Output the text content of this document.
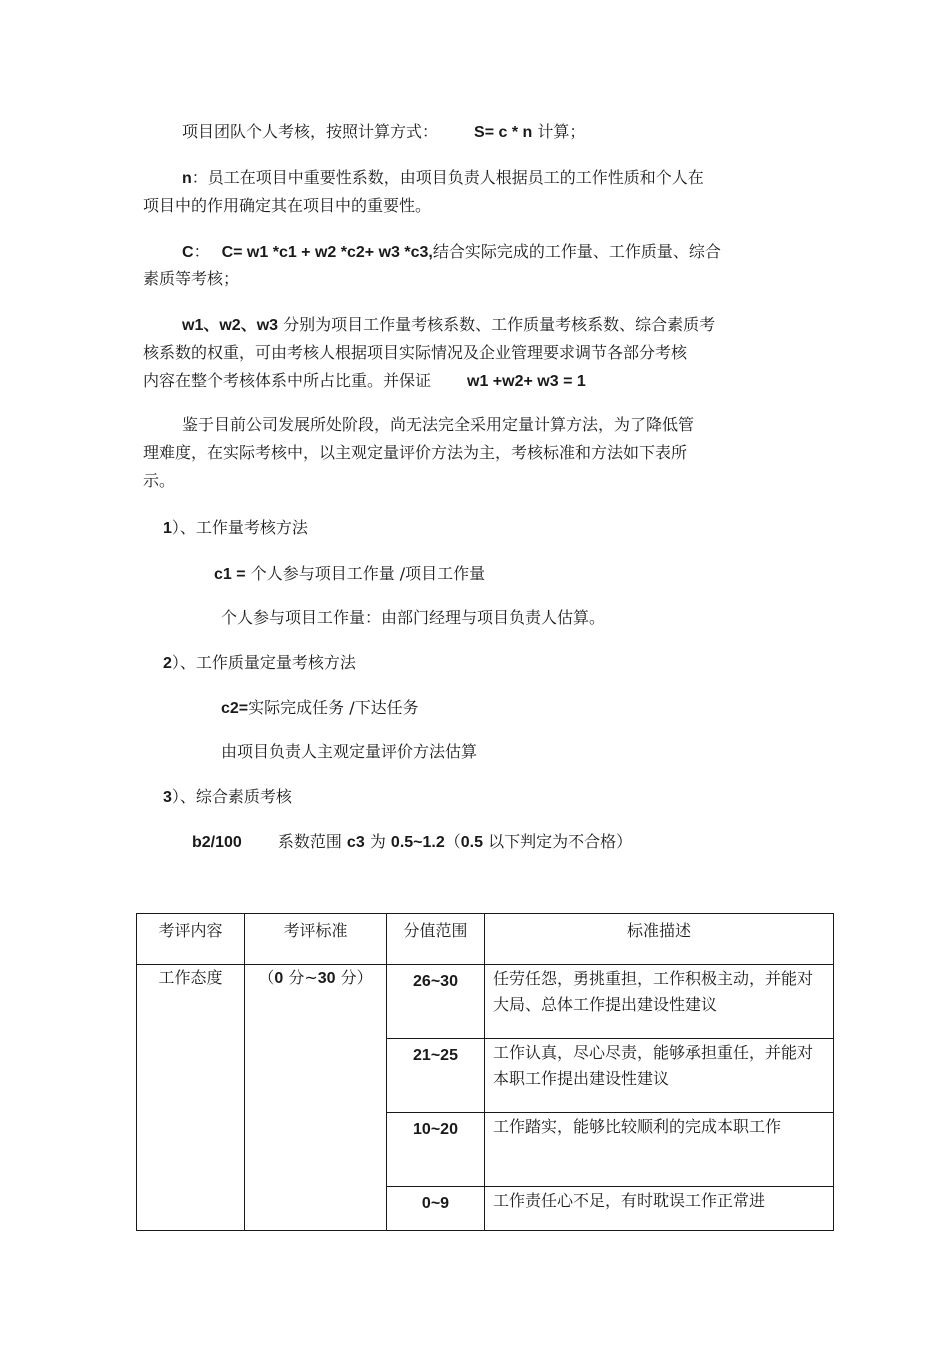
项目团队个人考核，按照计算方式： S= c * n 计算；
n：员工在项目中重要性系数，由项目负责人根据员工的工作性质和个人在
项目中的作用确定其在项目中的重要性。
C： C= w1 *c1 + w2 *c2+ w3 *c3,结合实际完成的工作量、工作质量、综合
素质等考核；
w1、w2、w3 分别为项目工作量考核系数、工作质量考核系数、综合素质考
核系数的权重，可由考核人根据项目实际情况及企业管理要求调节各部分考核
内容在整个考核体系中所占比重。并保证 w1 +w2+ w3 = 1
鉴于目前公司发展所处阶段，尚无法完全采用定量计算方法，为了降低管
理难度，在实际考核中，以主观定量评价方法为主，考核标准和方法如下表所
示。
1）、工作量考核方法
c1 = 个人参与项目工作量 /项目工作量
个人参与项目工作量：由部门经理与项目负责人估算。
2）、工作质量定量考核方法
c2=实际完成任务 /下达任务
由项目负责人主观定量评价方法估算
3）、综合素质考核
b2/100 系数范围 c3 为 0.5~1.2（0.5 以下判定为不合格）
考评内容	考评标准	分值范围	标准描述
工作态度	（0 分~30 分）	26~30	任劳任怨，勇挑重担，工作积极主动，并能对大局、总体工作提出建设性建议
		21~25	工作认真，尽心尽责，能够承担重任，并能对本职工作提出建设性建议
		10~20	工作踏实，能够比较顺利的完成本职工作
		0~9	工作责任心不足，有时耽误工作正常进
